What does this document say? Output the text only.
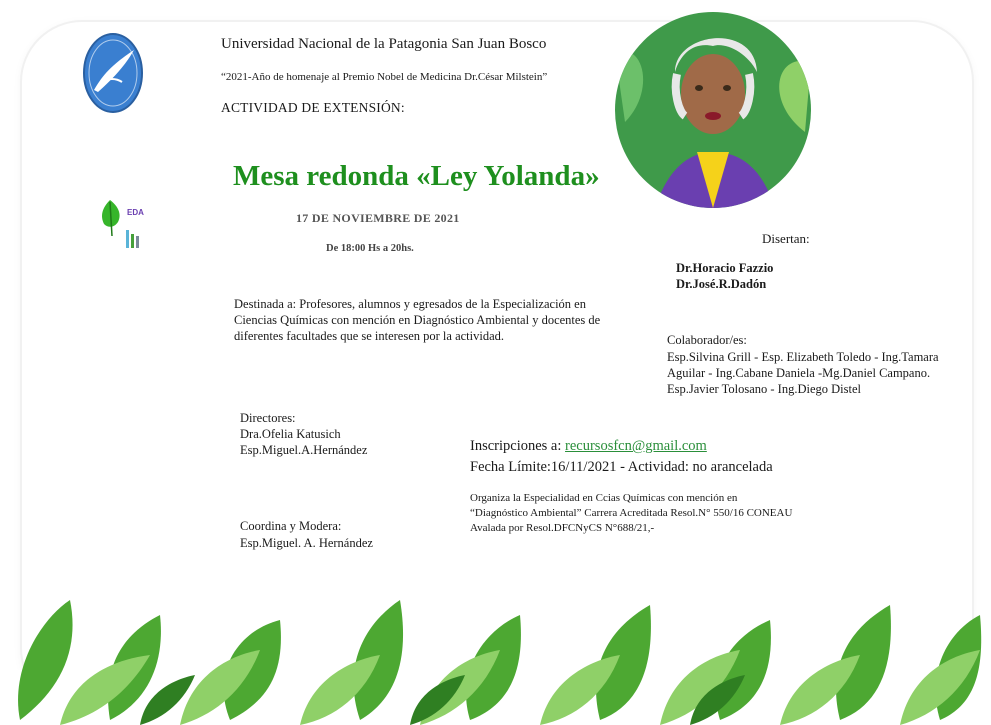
EDA
Universidad Nacional de la Patagonia San Juan Bosco
“2021-Año de homenaje al Premio Nobel de Medicina Dr.César Milstein”
ACTIVIDAD DE EXTENSIÓN:
Mesa redonda «Ley Yolanda»
17 DE NOVIEMBRE DE 2021
De 18:00 Hs a 20hs.
Disertan:
Dr.Horacio Fazzio
Dr.José.R.Dadón
Destinada a: Profesores, alumnos y egresados de la Especialización en Ciencias Químicas con mención en Diagnóstico Ambiental y docentes de diferentes facultades que se interesen por la actividad.	Colaborador/es:
Esp.Silvina Grill - Esp. Elizabeth Toledo - Ing.Tamara Aguilar - Ing.Cabane Daniela -Mg.Daniel Campano. Esp.Javier Tolosano - Ing.Diego Distel
Directores:
Dra.Ofelia Katusich
Esp.Miguel.A.Hernández	Inscripciones a: recursosfcn@gmail.com
Fecha Límite:16/11/2021 - Actividad: no arancelada
Organiza la Especialidad en Ccias Químicas con mención en
“Diagnóstico Ambiental” Carrera Acreditada Resol.N° 550/16 CONEAU
Avalada por Resol.DFCNyCS N°688/21,-
Coordina y Modera:
Esp.Miguel. A. Hernández
